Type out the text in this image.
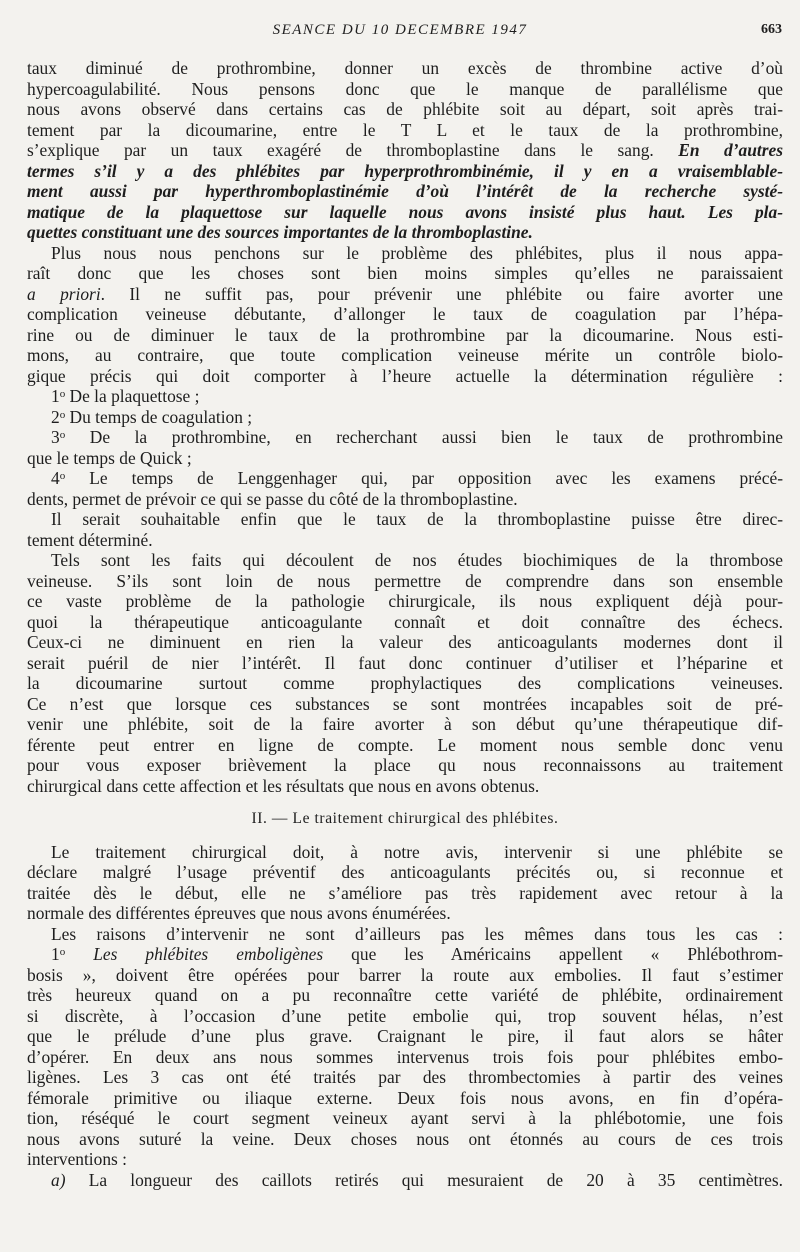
SEANCE DU 10 DECEMBRE 1947	663
taux diminué de prothrombine, donner un excès de thrombine active d’où
hypercoagulabilité. Nous pensons donc que le manque de parallélisme que
nous avons observé dans certains cas de phlébite soit au départ, soit après trai-
tement par la dicoumarine, entre le T L et le taux de la prothrombine,
s’explique par un taux exagéré de thromboplastine dans le sang. En d’autres
termes s’il y a des phlébites par hyperprothrombinémie, il y en a vraisemblable-
ment aussi par hyperthromboplastinémie d’où l’intérêt de la recherche systé-
matique de la plaquettose sur laquelle nous avons insisté plus haut. Les pla-
quettes constituant une des sources importantes de la thromboplastine.
Plus nous nous penchons sur le problème des phlébites, plus il nous appa-
raît donc que les choses sont bien moins simples qu’elles ne paraissaient
a priori. Il ne suffit pas, pour prévenir une phlébite ou faire avorter une
complication veineuse débutante, d’allonger le taux de coagulation par l’hépa-
rine ou de diminuer le taux de la prothrombine par la dicoumarine. Nous esti-
mons, au contraire, que toute complication veineuse mérite un contrôle biolo-
gique précis qui doit comporter à l’heure actuelle la détermination régulière :
1$^o$ De la plaquettose ;
2$^o$ Du temps de coagulation ;
3$^o$ De la prothrombine, en recherchant aussi bien le taux de prothrombine
que le temps de Quick ;
4$^o$ Le temps de Lenggenhager qui, par opposition avec les examens précé-
dents, permet de prévoir ce qui se passe du côté de la thromboplastine.
Il serait souhaitable enfin que le taux de la thromboplastine puisse être direc-
tement déterminé.
Tels sont les faits qui découlent de nos études biochimiques de la thrombose
veineuse. S’ils sont loin de nous permettre de comprendre dans son ensemble
ce vaste problème de la pathologie chirurgicale, ils nous expliquent déjà pour-
quoi la thérapeutique anticoagulante connaît et doit connaître des échecs.
Ceux-ci ne diminuent en rien la valeur des anticoagulants modernes dont il
serait puéril de nier l’intérêt. Il faut donc continuer d’utiliser et l’héparine et
la dicoumarine surtout comme prophylactiques des complications veineuses.
Ce n’est que lorsque ces substances se sont montrées incapables soit de pré-
venir une phlébite, soit de la faire avorter à son début qu’une thérapeutique dif-
férente peut entrer en ligne de compte. Le moment nous semble donc venu
pour vous exposer brièvement la place qu nous reconnaissons au traitement
chirurgical dans cette affection et les résultats que nous en avons obtenus.
II. — Le traitement chirurgical des phlébites.
Le traitement chirurgical doit, à notre avis, intervenir si une phlébite se
déclare malgré l’usage préventif des anticoagulants précités ou, si reconnue et
traitée dès le début, elle ne s’améliore pas très rapidement avec retour à la
normale des différentes épreuves que nous avons énumérées.
Les raisons d’intervenir ne sont d’ailleurs pas les mêmes dans tous les cas :
1$^o$ Les phlébites emboligènes que les Américains appellent « Phlébothrom-
bosis », doivent être opérées pour barrer la route aux embolies. Il faut s’estimer
très heureux quand on a pu reconnaître cette variété de phlébite, ordinairement
si discrète, à l’occasion d’une petite embolie qui, trop souvent hélas, n’est
que le prélude d’une plus grave. Craignant le pire, il faut alors se hâter
d’opérer. En deux ans nous sommes intervenus trois fois pour phlébites embo-
ligènes. Les 3 cas ont été traités par des thrombectomies à partir des veines
fémorale primitive ou iliaque externe. Deux fois nous avons, en fin d’opéra-
tion, réséqué le court segment veineux ayant servi à la phlébotomie, une fois
nous avons suturé la veine. Deux choses nous ont étonnés au cours de ces trois
interventions :
a) La longueur des caillots retirés qui mesuraient de 20 à 35 centimètres.
